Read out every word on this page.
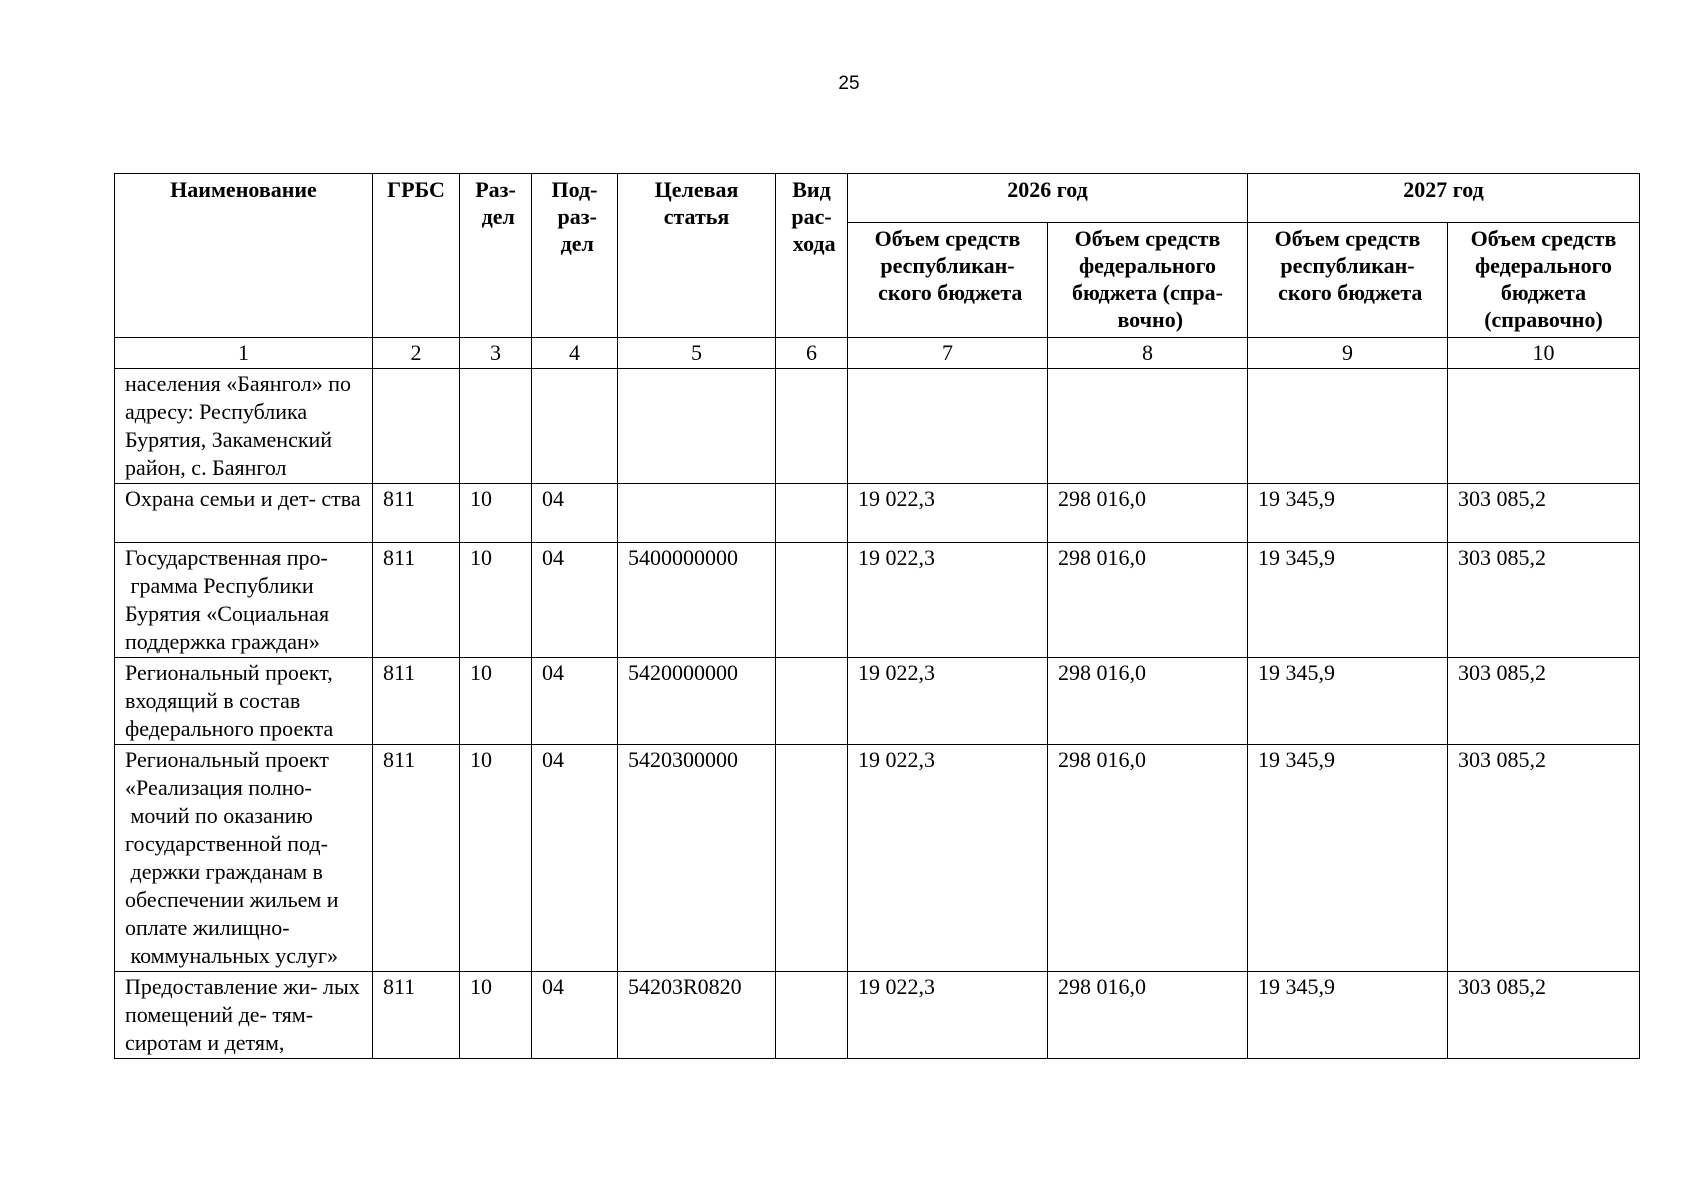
25
Наименование	ГРБС	Раз- дел	Под- раз- дел	Целевая статья	Вид рас- хода	2026 год		2027 год	
						Объем средств республикан- ского бюджета	Объем средств федерального бюджета (спра- вочно)	Объем средств республикан- ского бюджета	Объем средств федерального бюджета (справочно)
1	2	3	4	5	6	7	8	9	10
населения «Баянгол» по адресу: Республика Бурятия, Закаменский район, с. Баянгол									
Охрана семьи и дет- ства	811	10	04			19 022,3	298 016,0	19 345,9	303 085,2
Государственная про- грамма Республики Бурятия «Социальная поддержка граждан»	811	10	04	5400000000		19 022,3	298 016,0	19 345,9	303 085,2
Региональный проект, входящий в состав федерального проекта	811	10	04	5420000000		19 022,3	298 016,0	19 345,9	303 085,2
Региональный проект «Реализация полно- мочий по оказанию государственной под- держки гражданам в обеспечении жильем и оплате жилищно- коммунальных услуг»	811	10	04	5420300000		19 022,3	298 016,0	19 345,9	303 085,2
Предоставление жи- лых помещений де- тям-сиротам и детям,	811	10	04	54203R0820		19 022,3	298 016,0	19 345,9	303 085,2
